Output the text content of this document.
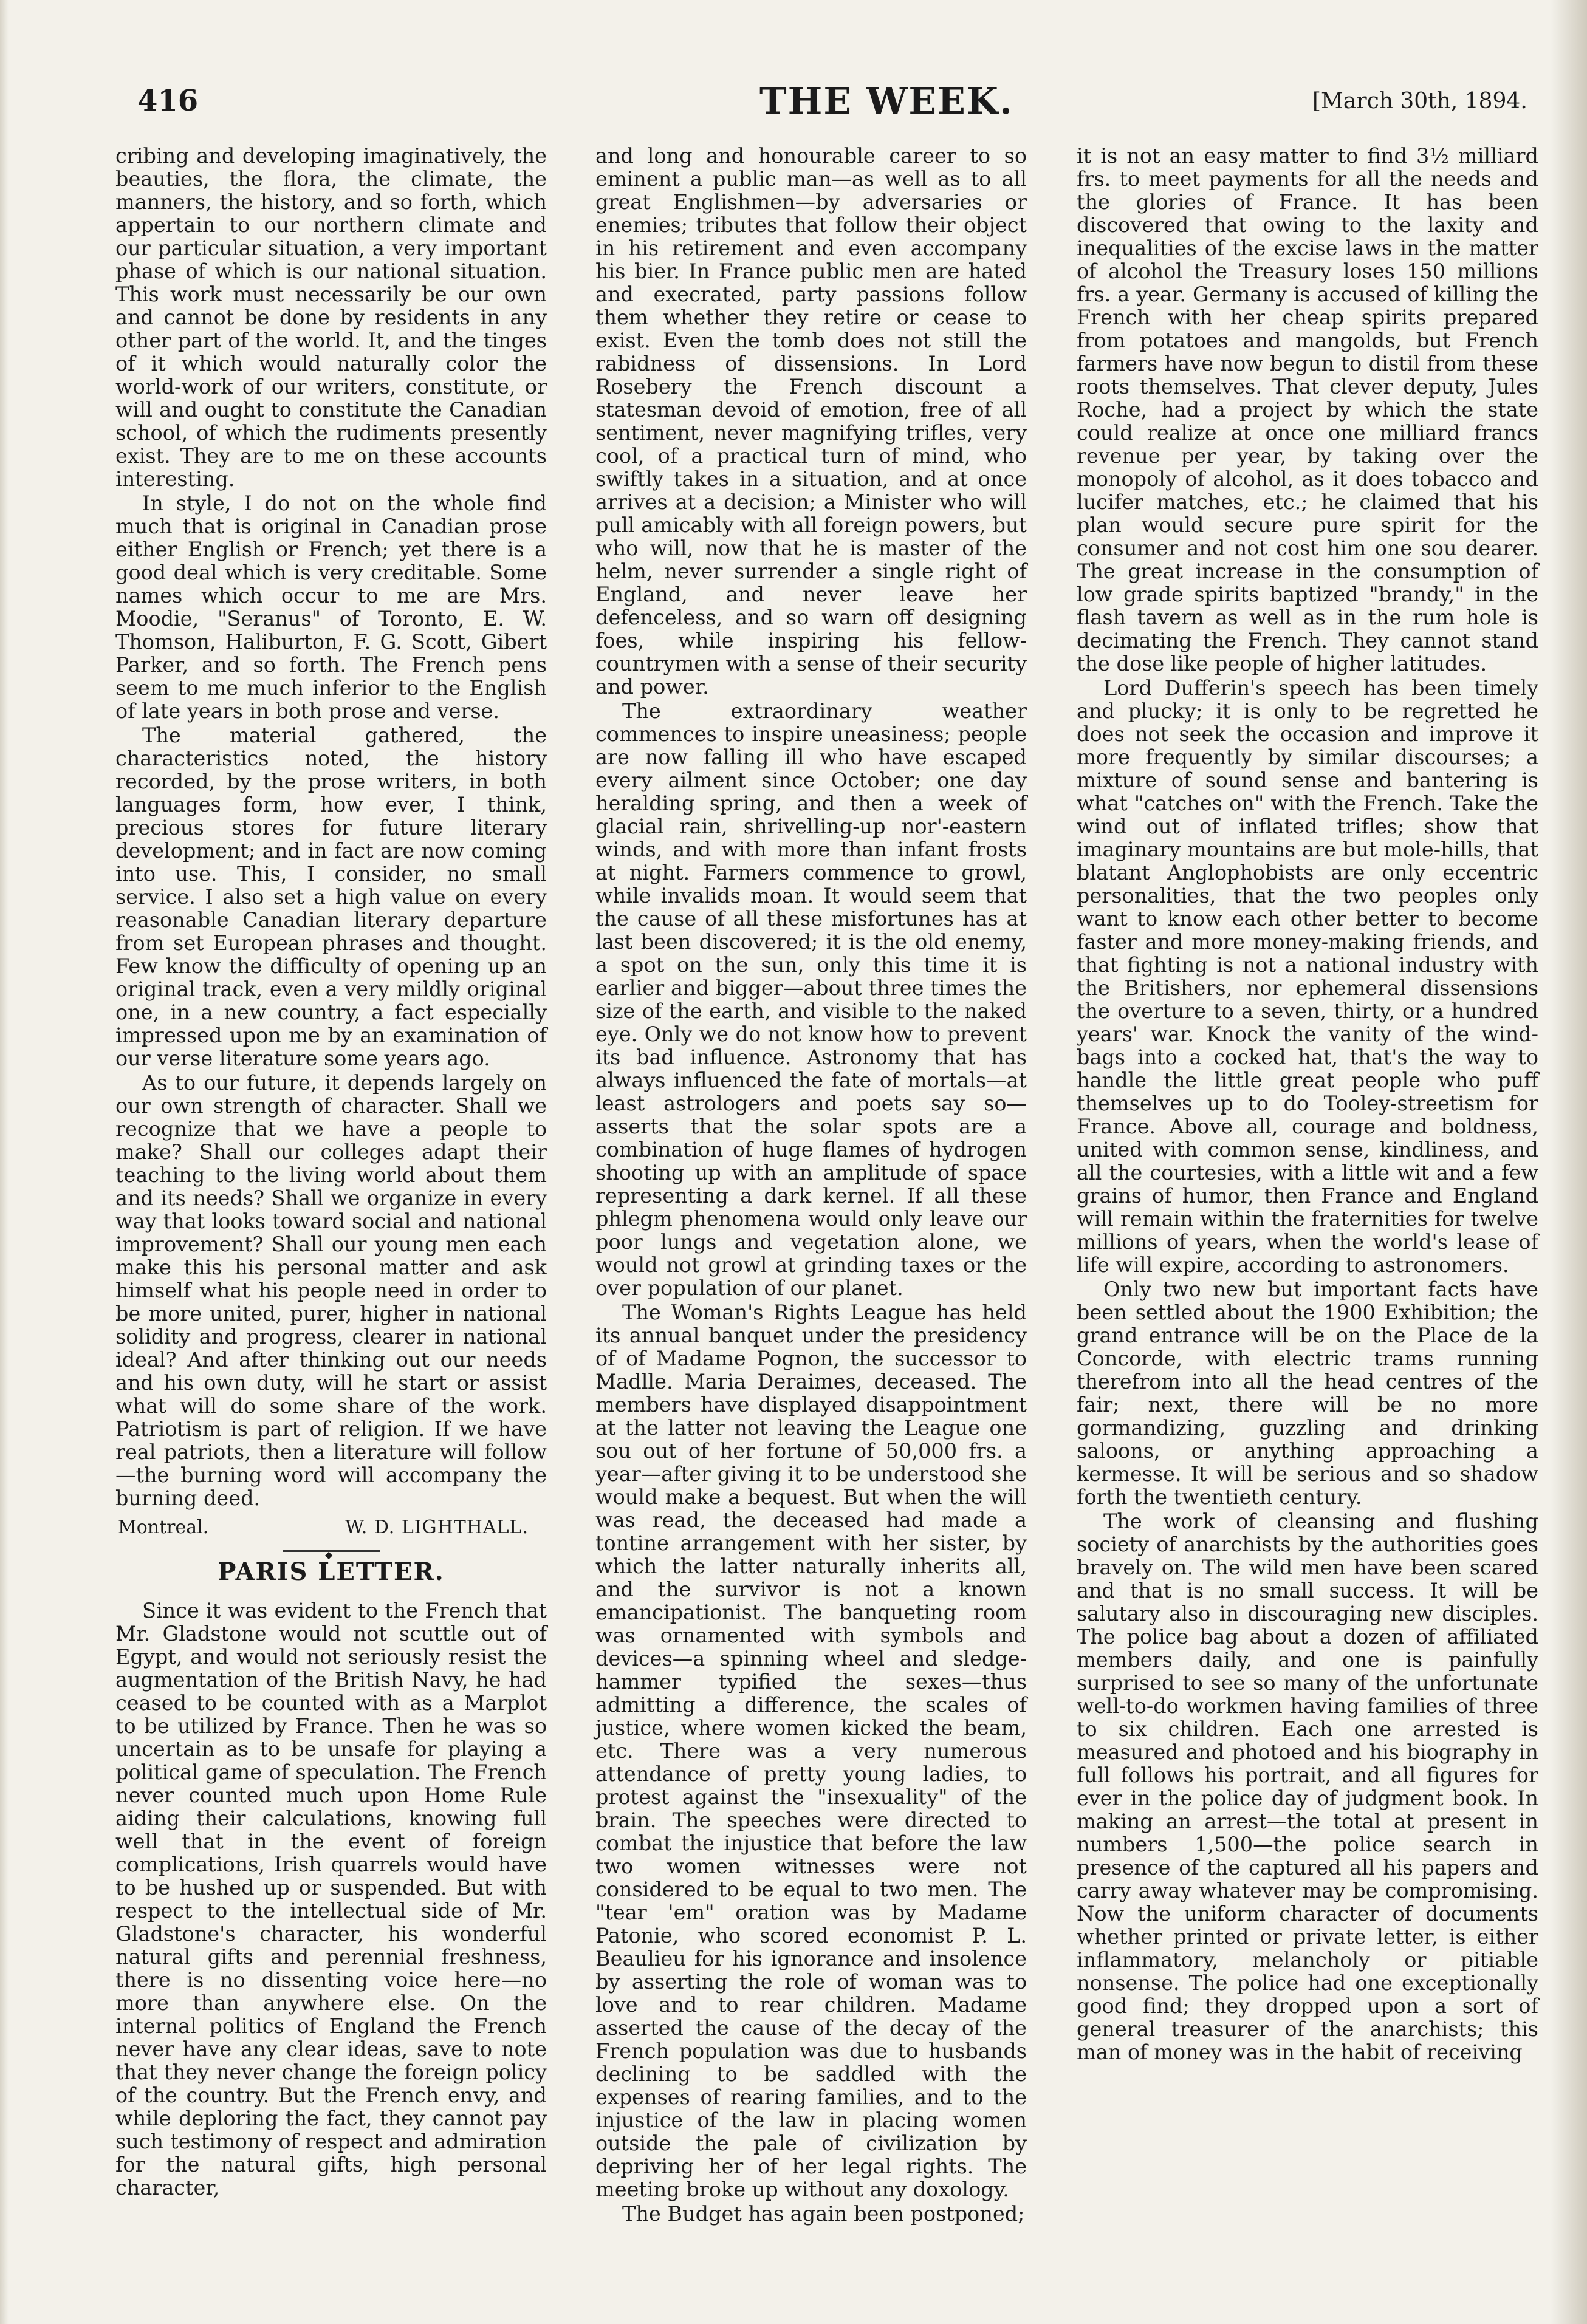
416	THE WEEK.	[March 30th, 1894.

cribing and developing imaginatively, the beauties, the flora, the climate, the manners, the history, and so forth, which appertain to our northern climate and our particular situation, a very important phase of which is our national situation. This work must necessarily be our own and cannot be done by residents in any other part of the world. It, and the tinges of it which would naturally color the world-work of our writers, constitute, or will and ought to constitute the Canadian school, of which the rudiments presently exist. They are to me on these accounts interesting.

In style, I do not on the whole find much that is original in Canadian prose either English or French; yet there is a good deal which is very creditable. Some names which occur to me are Mrs. Moodie, "Seranus" of Toronto, E. W. Thomson, Haliburton, F. G. Scott, Gibert Parker, and so forth. The French pens seem to me much inferior to the English of late years in both prose and verse.

The material gathered, the characteristics noted, the history recorded, by the prose writers, in both languages form, how ever, I think, precious stores for future literary development; and in fact are now coming into use. This, I consider, no small service. I also set a high value on every reasonable Canadian literary departure from set European phrases and thought. Few know the difficulty of opening up an original track, even a very mildly original one, in a new country, a fact especially impressed upon me by an examination of our verse literature some years ago.

As to our future, it depends largely on our own strength of character. Shall we recognize that we have a people to make? Shall our colleges adapt their teaching to the living world about them and its needs? Shall we organize in every way that looks toward social and national improvement? Shall our young men each make this his personal matter and ask himself what his people need in order to be more united, purer, higher in national solidity and progress, clearer in national ideal? And after thinking out our needs and his own duty, will he start or assist what will do some share of the work. Patriotism is part of religion. If we have real patriots, then a literature will follow—the burning word will accompany the burning deed.

Montreal.	W. D. LIGHTHALL.
◆
PARIS LETTER.

Since it was evident to the French that Mr. Gladstone would not scuttle out of Egypt, and would not seriously resist the augmentation of the British Navy, he had ceased to be counted with as a Marplot to be utilized by France. Then he was so uncertain as to be unsafe for playing a political game of speculation. The French never counted much upon Home Rule aiding their calculations, knowing full well that in the event of foreign complications, Irish quarrels would have to be hushed up or suspended. But with respect to the intellectual side of Mr. Gladstone's character, his wonderful natural gifts and perennial freshness, there is no dissenting voice here—no more than anywhere else. On the internal politics of England the French never have any clear ideas, save to note that they never change the foreign policy of the country. But the French envy, and while deploring the fact, they cannot pay such testimony of respect and admiration for the natural gifts, high personal character,

and long and honourable career to so eminent a public man—as well as to all great Englishmen—by adversaries or enemies; tributes that follow their object in his retirement and even accompany his bier. In France public men are hated and execrated, party passions follow them whether they retire or cease to exist. Even the tomb does not still the rabidness of dissensions. In Lord Rosebery the French discount a statesman devoid of emotion, free of all sentiment, never magnifying trifles, very cool, of a practical turn of mind, who swiftly takes in a situation, and at once arrives at a decision; a Minister who will pull amicably with all foreign powers, but who will, now that he is master of the helm, never surrender a single right of England, and never leave her defenceless, and so warn off designing foes, while inspiring his fellow-countrymen with a sense of their security and power.

The extraordinary weather commences to inspire uneasiness; people are now falling ill who have escaped every ailment since October; one day heralding spring, and then a week of glacial rain, shrivelling-up nor'-eastern winds, and with more than infant frosts at night. Farmers commence to growl, while invalids moan. It would seem that the cause of all these misfortunes has at last been discovered; it is the old enemy, a spot on the sun, only this time it is earlier and bigger—about three times the size of the earth, and visible to the naked eye. Only we do not know how to prevent its bad influence. Astronomy that has always influenced the fate of mortals—at least astrologers and poets say so—asserts that the solar spots are a combination of huge flames of hydrogen shooting up with an amplitude of space representing a dark kernel. If all these phlegm phenomena would only leave our poor lungs and vegetation alone, we would not growl at grinding taxes or the over population of our planet.

The Woman's Rights League has held its annual banquet under the presidency of of Madame Pognon, the successor to Madlle. Maria Deraimes, deceased. The members have displayed disappointment at the latter not leaving the League one sou out of her fortune of 50,000 frs. a year—after giving it to be understood she would make a bequest. But when the will was read, the deceased had made a tontine arrangement with her sister, by which the latter naturally inherits all, and the survivor is not a known emancipationist. The banqueting room was ornamented with symbols and devices—a spinning wheel and sledge-hammer typified the sexes—thus admitting a difference, the scales of justice, where women kicked the beam, etc. There was a very numerous attendance of pretty young ladies, to protest against the "insexuality" of the brain. The speeches were directed to combat the injustice that before the law two women witnesses were not considered to be equal to two men. The "tear 'em" oration was by Madame Patonie, who scored economist P. L. Beaulieu for his ignorance and insolence by asserting the role of woman was to love and to rear children. Madame asserted the cause of the decay of the French population was due to husbands declining to be saddled with the expenses of rearing families, and to the injustice of the law in placing women outside the pale of civilization by depriving her of her legal rights. The meeting broke up without any doxology.

The Budget has again been postponed;

it is not an easy matter to find 3½ milliard frs. to meet payments for all the needs and the glories of France. It has been discovered that owing to the laxity and inequalities of the excise laws in the matter of alcohol the Treasury loses 150 millions frs. a year. Germany is accused of killing the French with her cheap spirits prepared from potatoes and mangolds, but French farmers have now begun to distil from these roots themselves. That clever deputy, Jules Roche, had a project by which the state could realize at once one milliard francs revenue per year, by taking over the monopoly of alcohol, as it does tobacco and lucifer matches, etc.; he claimed that his plan would secure pure spirit for the consumer and not cost him one sou dearer. The great increase in the consumption of low grade spirits baptized "brandy," in the flash tavern as well as in the rum hole is decimating the French. They cannot stand the dose like people of higher latitudes.

Lord Dufferin's speech has been timely and plucky; it is only to be regretted he does not seek the occasion and improve it more frequently by similar discourses; a mixture of sound sense and bantering is what "catches on" with the French. Take the wind out of inflated trifles; show that imaginary mountains are but mole-hills, that blatant Anglophobists are only eccentric personalities, that the two peoples only want to know each other better to become faster and more money-making friends, and that fighting is not a national industry with the Britishers, nor ephemeral dissensions the overture to a seven, thirty, or a hundred years' war. Knock the vanity of the wind-bags into a cocked hat, that's the way to handle the little great people who puff themselves up to do Tooley-streetism for France. Above all, courage and boldness, united with common sense, kindliness, and all the courtesies, with a little wit and a few grains of humor, then France and England will remain within the fraternities for twelve millions of years, when the world's lease of life will expire, according to astronomers.

Only two new but important facts have been settled about the 1900 Exhibition; the grand entrance will be on the Place de la Concorde, with electric trams running therefrom into all the head centres of the fair; next, there will be no more gormandizing, guzzling and drinking saloons, or anything approaching a kermesse. It will be serious and so shadow forth the twentieth century.

The work of cleansing and flushing society of anarchists by the authorities goes bravely on. The wild men have been scared and that is no small success. It will be salutary also in discouraging new disciples. The police bag about a dozen of affiliated members daily, and one is painfully surprised to see so many of the unfortunate well-to-do workmen having families of three to six children. Each one arrested is measured and photoed and his biography in full follows his portrait, and all figures for ever in the police day of judgment book. In making an arrest—the total at present in numbers 1,500—the police search in presence of the captured all his papers and carry away whatever may be compromising. Now the uniform character of documents whether printed or private letter, is either inflammatory, melancholy or pitiable nonsense. The police had one exceptionally good find; they dropped upon a sort of general treasurer of the anarchists; this man of money was in the habit of receiving
